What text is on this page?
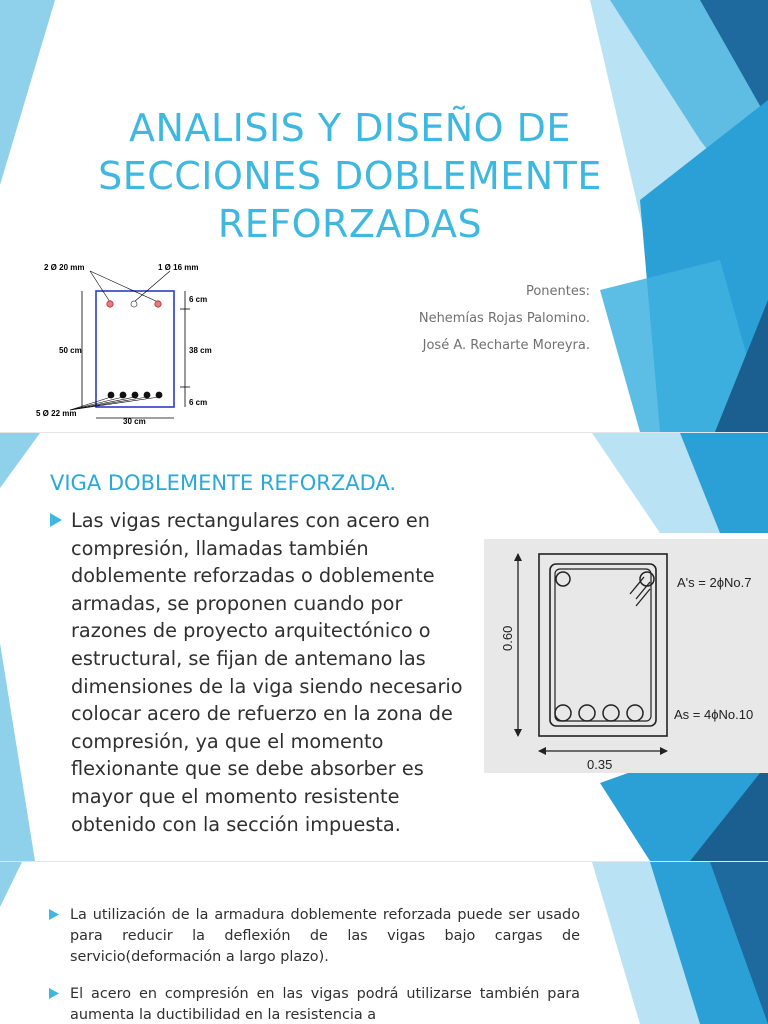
ANALISIS Y DISEÑO DE SECCIONES DOBLEMENTE REFORZADAS
Ponentes:
Nehemías Rojas Palomino.
José A. Recharte Moreyra.
2 Ø 20 mm	1 Ø 16 mm
50 cm
6 cm
38 cm
6 cm
5 Ø 22 mm
30 cm
VIGA DOBLEMENTE REFORZADA.
Las vigas rectangulares con acero en compresión, llamadas también doblemente reforzadas o doblemente armadas, se proponen cuando por razones de proyecto arquitectónico o estructural, se fijan de antemano las dimensiones de la viga siendo necesario colocar acero de refuerzo en la zona de compresión, ya que el momento flexionante que se debe absorber es mayor que el momento resistente obtenido con la sección impuesta.
A's = 2ϕNo.7
As = 4ϕNo.10
0.60
0.35
La utilización de la armadura doblemente reforzada puede ser usado para reducir la deflexión de las vigas bajo cargas de servicio(deformación a largo plazo).
El acero en compresión en las vigas podrá utilizarse también para aumenta la ductibilidad en la resistencia a
